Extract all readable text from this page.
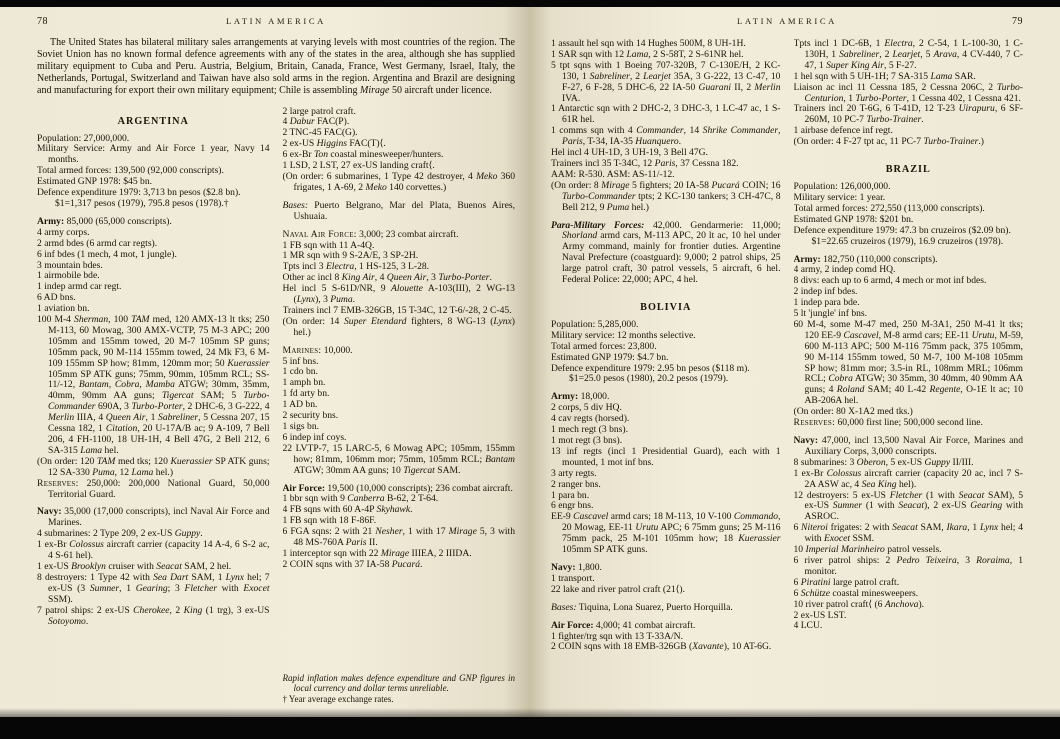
78	LATIN AMERICA
The United States has bilateral military sales arrangements at varying levels with most countries of the region. The Soviet Union has no known formal defence agreements with any of the states in the area, although she has supplied military equipment to Cuba and Peru. Austria, Belgium, Britain, Canada, France, West Germany, Israel, Italy, the Netherlands, Portugal, Switzerland and Taiwan have also sold arms in the region. Argentina and Brazil are designing and manufacturing for export their own military equipment; Chile is assembling Mirage 50 aircraft under licence.
ARGENTINA
Population: 27,000,000.
Military Service: Army and Air Force 1 year, Navy 14 months.
Total armed forces: 139,500 (92,000 conscripts).
Estimated GNP 1978: $45 bn.
Defence expenditure 1979: 3,713 bn pesos ($2.8 bn).
$1=1,317 pesos (1979), 795.8 pesos (1978).†
Army: 85,000 (65,000 conscripts).
4 army corps.
2 armd bdes (6 armd car regts).
6 inf bdes (1 mech, 4 mot, 1 jungle).
3 mountain bdes.
1 airmobile bde.
1 indep armd car regt.
6 AD bns.
1 aviation bn.
100 M-4 Sherman, 100 TAM med, 120 AMX-13 lt tks; 250 M-113, 60 Mowag, 300 AMX-VCTP, 75 M-3 APC; 200 105mm and 155mm towed, 20 M-7 105mm SP guns; 105mm pack, 90 M-114 155mm towed, 24 Mk F3, 6 M-109 155mm SP how; 81mm, 120mm mor; 50 Kuerassier 105mm SP ATK guns; 75mm, 90mm, 105mm RCL; SS-11/-12, Bantam, Cobra, Mamba ATGW; 30mm, 35mm, 40mm, 90mm AA guns; Tigercat SAM; 5 Turbo-Commander 690A, 3 Turbo-Porter, 2 DHC-6, 3 G-222, 4 Merlin IIIA, 4 Queen Air, 1 Sabreliner, 5 Cessna 207, 15 Cessna 182, 1 Citation, 20 U-17A/B ac; 9 A-109, 7 Bell 206, 4 FH-1100, 18 UH-1H, 4 Bell 47G, 2 Bell 212, 6 SA-315 Lama hel.
(On order: 120 TAM med tks; 120 Kuerassier SP ATK guns; 12 SA-330 Puma, 12 Lama hel.)
Reserves: 250,000: 200,000 National Guard, 50,000 Territorial Guard.
Navy: 35,000 (17,000 conscripts), incl Naval Air Force and Marines.
4 submarines: 2 Type 209, 2 ex-US Guppy.
1 ex-Br Colossus aircraft carrier (capacity 14 A-4, 6 S-2 ac, 4 S-61 hel).
1 ex-US Brooklyn cruiser with Seacat SAM, 2 hel.
8 destroyers: 1 Type 42 with Sea Dart SAM, 1 Lynx hel; 7 ex-US (3 Sumner, 1 Gearing; 3 Fletcher with Exocet SSM).
7 patrol ships: 2 ex-US Cherokee, 2 King (1 trg), 3 ex-US Sotoyomo.
2 large patrol craft.
4 Dabur FAC(P).
2 TNC-45 FAC(G).
2 ex-US Higgins FAC(T)⟨.
6 ex-Br Ton coastal minesweeper/hunters.
1 LSD, 2 LST, 27 ex-US landing craft⟨.
(On order: 6 submarines, 1 Type 42 destroyer, 4 Meko 360 frigates, 1 A-69, 2 Meko 140 corvettes.)
Bases: Puerto Belgrano, Mar del Plata, Buenos Aires, Ushuaia.
Naval Air Force: 3,000; 23 combat aircraft.
1 FB sqn with 11 A-4Q.
1 MR sqn with 9 S-2A/E, 3 SP-2H.
Tpts incl 3 Electra, 1 HS-125, 3 L-28.
Other ac incl 8 King Air, 4 Queen Air, 3 Turbo-Porter.
Hel incl 5 S-61D/NR, 9 Alouette A-103(III), 2 WG-13 (Lynx), 3 Puma.
Trainers incl 7 EMB-326GB, 15 T-34C, 12 T-6/-28, 2 C-45.
(On order: 14 Super Etendard fighters, 8 WG-13 (Lynx) hel.)
Marines: 10,000.
5 inf bns.
1 cdo bn.
1 amph bn.
1 fd arty bn.
1 AD bn.
2 security bns.
1 sigs bn.
6 indep inf coys.
22 LVTP-7, 15 LARC-5, 6 Mowag APC; 105mm, 155mm how; 81mm, 106mm mor; 75mm, 105mm RCL; Bantam ATGW; 30mm AA guns; 10 Tigercat SAM.
Air Force: 19,500 (10,000 conscripts); 236 combat aircraft.
1 bbr sqn with 9 Canberra B-62, 2 T-64.
4 FB sqns with 60 A-4P Skyhawk.
1 FB sqn with 18 F-86F.
6 FGA sqns: 2 with 21 Nesher, 1 with 17 Mirage 5, 3 with 48 MS-760A Paris II.
1 interceptor sqn with 22 Mirage IIIEA, 2 IIIDA.
2 COIN sqns with 37 IA-58 Pucará.
Rapid inflation makes defence expenditure and GNP figures in local currency and dollar terms unreliable.
† Year average exchange rates.
LATIN AMERICA	79
1 assault hel sqn with 14 Hughes 500M, 8 UH-1H.
1 SAR sqn with 12 Lama, 2 S-58T, 2 S-61NR hel.
5 tpt sqns with 1 Boeing 707-320B, 7 C-130E/H, 2 KC-130, 1 Sabreliner, 2 Learjet 35A, 3 G-222, 13 C-47, 10 F-27, 6 F-28, 5 DHC-6, 22 IA-50 Guarani II, 2 Merlin IVA.
1 Antarctic sqn with 2 DHC-2, 3 DHC-3, 1 LC-47 ac, 1 S-61R hel.
1 comms sqn with 4 Commander, 14 Shrike Commander, Paris, T-34, IA-35 Huanquero.
Hel incl 4 UH-1D, 3 UH-19, 3 Bell 47G.
Trainers incl 35 T-34C, 12 Paris, 37 Cessna 182.
AAM: R-530. ASM: AS-11/-12.
(On order: 8 Mirage 5 fighters; 20 IA-58 Pucará COIN; 16 Turbo-Commander tpts; 2 KC-130 tankers; 3 CH-47C, 8 Bell 212, 9 Puma hel.)
Para-Military Forces: 42,000. Gendarmerie: 11,000; Shorland armd cars, M-113 APC, 20 lt ac, 10 hel under Army command, mainly for frontier duties. Argentine Naval Prefecture (coastguard): 9,000; 2 patrol ships, 25 large patrol craft, 30 patrol vessels, 5 aircraft, 6 hel. Federal Police: 22,000; APC, 4 hel.
BOLIVIA
Population: 5,285,000.
Military service: 12 months selective.
Total armed forces: 23,800.
Estimated GNP 1979: $4.7 bn.
Defence expenditure 1979: 2.95 bn pesos ($118 m).
$1=25.0 pesos (1980), 20.2 pesos (1979).
Army: 18,000.
2 corps, 5 div HQ.
4 cav regts (horsed).
1 mech regt (3 bns).
1 mot regt (3 bns).
13 inf regts (incl 1 Presidential Guard), each with 1 mounted, 1 mot inf bns.
3 arty regts.
2 ranger bns.
1 para bn.
6 engr bns.
EE-9 Cascavel armd cars; 18 M-113, 10 V-100 Commando, 20 Mowag, EE-11 Urutu APC; 6 75mm guns; 25 M-116 75mm pack, 25 M-101 105mm how; 18 Kuerassier 105mm SP ATK guns.
Navy: 1,800.
1 transport.
22 lake and river patrol craft (21⟨).
Bases: Tiquina, Lona Suarez, Puerto Horquilla.
Air Force: 4,000; 41 combat aircraft.
1 fighter/trg sqn with 13 T-33A/N.
2 COIN sqns with 18 EMB-326GB (Xavante), 10 AT-6G.
Tpts incl 1 DC-6B, 1 Electra, 2 C-54, 1 L-100-30, 1 C-130H, 1 Sabreliner, 2 Learjet, 5 Arava, 4 CV-440, 7 C-47, 1 Super King Air, 5 F-27.
1 hel sqn with 5 UH-1H; 7 SA-315 Lama SAR.
Liaison ac incl 11 Cessna 185, 2 Cessna 206C, 2 Turbo-Centurion, 1 Turbo-Porter, 1 Cessna 402, 1 Cessna 421.
Trainers incl 20 T-6G, 6 T-41D, 12 T-23 Uirapuru, 6 SF-260M, 10 PC-7 Turbo-Trainer.
1 airbase defence inf regt.
(On order: 4 F-27 tpt ac, 11 PC-7 Turbo-Trainer.)
BRAZIL
Population: 126,000,000.
Military service: 1 year.
Total armed forces: 272,550 (113,000 conscripts).
Estimated GNP 1978: $201 bn.
Defence expenditure 1979: 47.3 bn cruzeiros ($2.09 bn).
$1=22.65 cruzeiros (1979), 16.9 cruzeiros (1978).
Army: 182,750 (110,000 conscripts).
4 army, 2 indep comd HQ.
8 divs: each up to 6 armd, 4 mech or mot inf bdes.
2 indep inf bdes.
1 indep para bde.
5 lt 'jungle' inf bns.
60 M-4, some M-47 med, 250 M-3A1, 250 M-41 lt tks; 120 EE-9 Cascavel, M-8 armd cars; EE-11 Urutu, M-59, 600 M-113 APC; 500 M-116 75mm pack, 375 105mm, 90 M-114 155mm towed, 50 M-7, 100 M-108 105mm SP how; 81mm mor; 3.5-in RL, 108mm MRL; 106mm RCL; Cobra ATGW; 30 35mm, 30 40mm, 40 90mm AA guns; 4 Roland SAM; 40 L-42 Regente, O-1E lt ac; 10 AB-206A hel.
(On order: 80 X-1A2 med tks.)
Reserves: 60,000 first line; 500,000 second line.
Navy: 47,000, incl 13,500 Naval Air Force, Marines and Auxiliary Corps, 3,000 conscripts.
8 submarines: 3 Oberon, 5 ex-US Guppy II/III.
1 ex-Br Colossus aircraft carrier (capacity 20 ac, incl 7 S-2A ASW ac, 4 Sea King hel).
12 destroyers: 5 ex-US Fletcher (1 with Seacat SAM), 5 ex-US Sumner (1 with Seacat), 2 ex-US Gearing with ASROC.
6 Niteroi frigates: 2 with Seacat SAM, Ikara, 1 Lynx hel; 4 with Exocet SSM.
10 Imperial Marinheiro patrol vessels.
6 river patrol ships: 2 Pedro Teixeira, 3 Roraima, 1 monitor.
6 Piratini large patrol craft.
6 Schütze coastal minesweepers.
10 river patrol craft⟨ (6 Anchova).
2 ex-US LST.
4 LCU.
